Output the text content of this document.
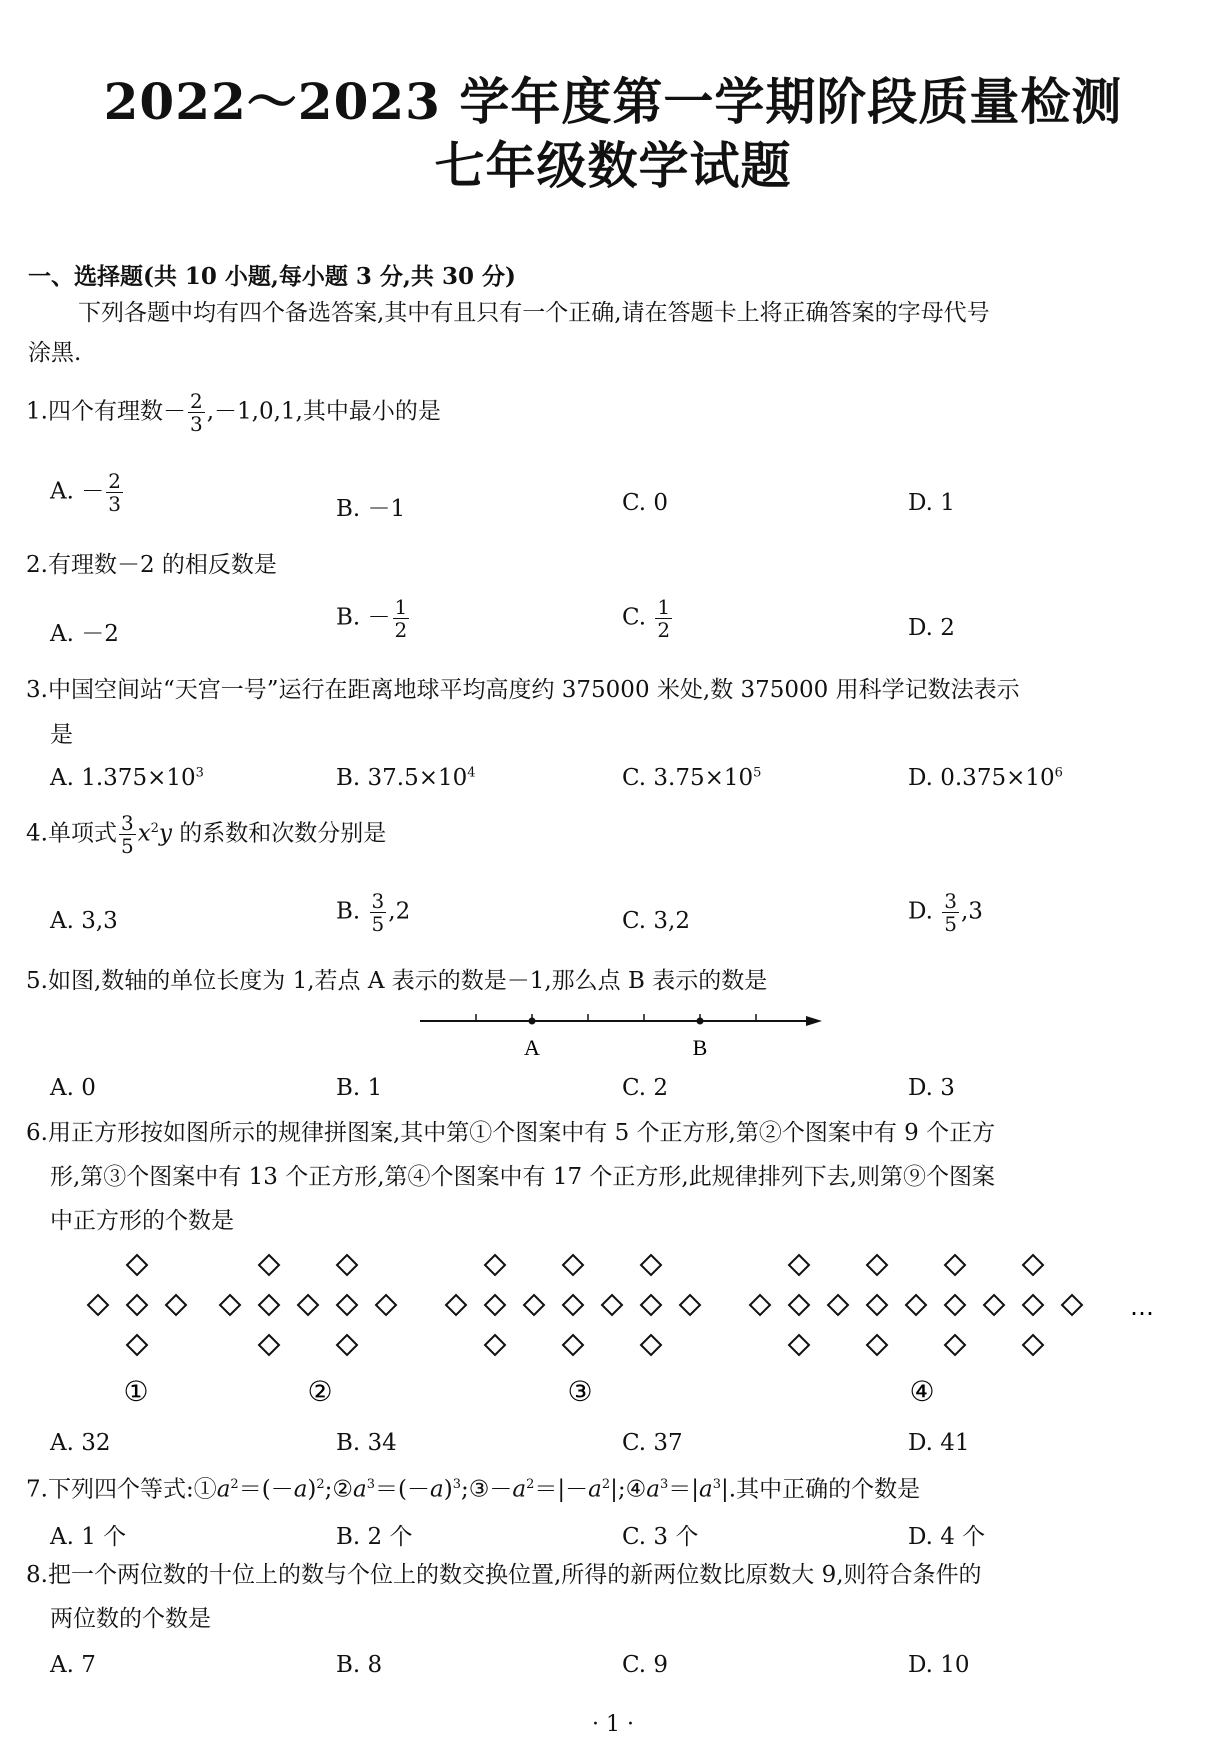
2022～2023 学年度第一学期阶段质量检测
七年级数学试题
一、选择题(共 10 小题,每小题 3 分,共 30 分)
下列各题中均有四个备选答案,其中有且只有一个正确,请在答题卡上将正确答案的字母代号
涂黑.
1.四个有理数－ $\frac{2}{3} ,-1,0,1$,其中最小的是
A. － $\frac{2}{3}$	B. －1	C. 0	D. 1
2.有理数－2 的相反数是
A. －2
B. － $\frac{1}{2}$	C. $\frac{1}{2}$	D. 2
3.中国空间站“天宫一号”运行在距离地球平均高度约 375000 米处,数 375000 用科学记数法表示
是
A. $1.375\times 10^3$	B. $37.5\times 10^4$	C. $3.75\times 10^5$	D. $0.375\times 10^6$
4.单项式 $\frac{3}{5} x^2y$ 的系数和次数分别是
A. 3,3	B. $\frac{3}{5} ,2$	C. 3,2	D. $\frac{3}{5} ,3$
5.如图,数轴的单位长度为 1,若点 A 表示的数是－1,那么点 B 表示的数是
A	B
A. 0	B. 1	C. 2	D. 3
6.用正方形按如图所示的规律拼图案,其中第①个图案中有 5 个正方形,第②个图案中有 9 个正方
形,第③个图案中有 13 个正方形,第④个图案中有 17 个正方形,此规律排列下去,则第⑨个图案
中正方形的个数是
①	②	③	④
…
A. 32	B. 34	C. 37	D. 41
7.下列四个等式$:①a^2=(-a)^2;②a^3=(-a)^3;③-a^2=|-a^2|;④a^3=|a^3|$.其中正确的个数是
A. 1 个	B. 2 个	C. 3 个	D. 4 个
8.把一个两位数的十位上的数与个位上的数交换位置,所得的新两位数比原数大 9,则符合条件的
两位数的个数是
A. 7	B. 8	C. 9	D. 10
· 1 ·
